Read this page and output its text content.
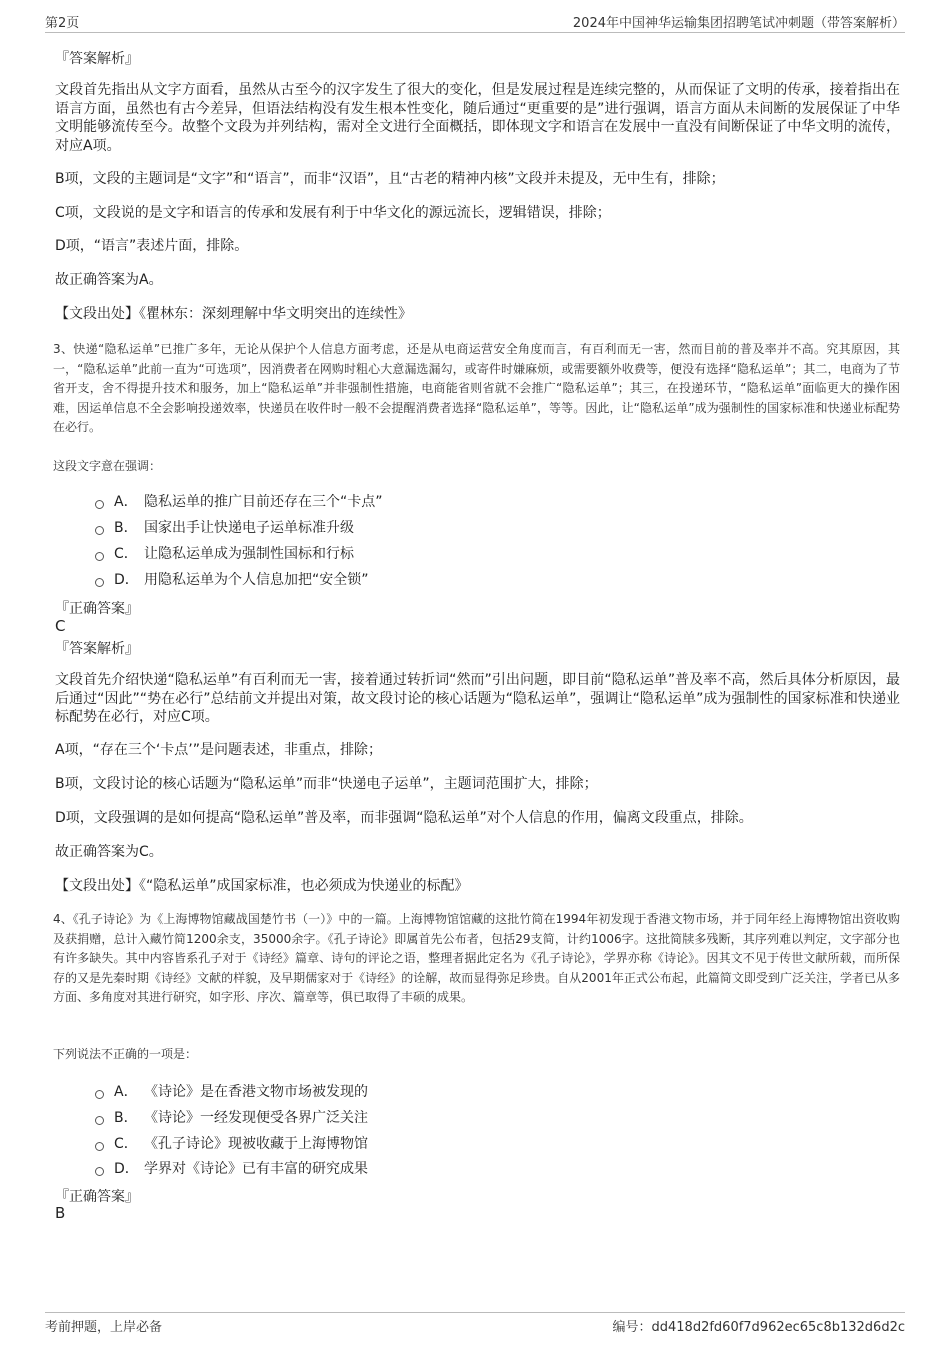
第2页	2024年中国神华运输集团招聘笔试冲刺题（带答案解析）
『答案解析』
文段首先指出从文字方面看，虽然从古至今的汉字发生了很大的变化，但是发展过程是连续完整的，从而保证了文明的传承，接着指出在语言方面，虽然也有古今差异，但语法结构没有发生根本性变化，随后通过“更重要的是”进行强调，语言方面从未间断的发展保证了中华文明能够流传至今。故整个文段为并列结构，需对全文进行全面概括，即体现文字和语言在发展中一直没有间断保证了中华文明的流传，对应A项。
B项，文段的主题词是“文字”和“语言”，而非“汉语”，且“古老的精神内核”文段并未提及，无中生有，排除；
C项，文段说的是文字和语言的传承和发展有利于中华文化的源远流长，逻辑错误，排除；
D项，“语言”表述片面，排除。
故正确答案为A。
【文段出处】《瞿林东：深刻理解中华文明突出的连续性》
3、快递“隐私运单”已推广多年，无论从保护个人信息方面考虑，还是从电商运营安全角度而言，有百利而无一害，然而目前的普及率并不高。究其原因，其一，“隐私运单”此前一直为“可选项”，因消费者在网购时粗心大意漏选漏勾，或寄件时嫌麻烦，或需要额外收费等，便没有选择“隐私运单”；其二，电商为了节省开支，舍不得提升技术和服务，加上“隐私运单”并非强制性措施，电商能省则省就不会推广“隐私运单”；其三，在投递环节，“隐私运单”面临更大的操作困难，因运单信息不全会影响投递效率，快递员在收件时一般不会提醒消费者选择“隐私运单”，等等。因此，让“隐私运单”成为强制性的国家标准和快递业标配势在必行。
这段文字意在强调：
A． 隐私运单的推广目前还存在三个“卡点”
B． 国家出手让快递电子运单标准升级
C． 让隐私运单成为强制性国标和行标
D． 用隐私运单为个人信息加把“安全锁”
『正确答案』
C
『答案解析』
文段首先介绍快递“隐私运单”有百利而无一害，接着通过转折词“然而”引出问题，即目前“隐私运单”普及率不高，然后具体分析原因，最后通过“因此”“势在必行”总结前文并提出对策，故文段讨论的核心话题为“隐私运单”，强调让“隐私运单”成为强制性的国家标准和快递业标配势在必行，对应C项。
A项，“存在三个‘卡点’”是问题表述，非重点，排除；
B项，文段讨论的核心话题为“隐私运单”而非“快递电子运单”，主题词范围扩大，排除；
D项，文段强调的是如何提高“隐私运单”普及率，而非强调“隐私运单”对个人信息的作用，偏离文段重点，排除。
故正确答案为C。
【文段出处】《“隐私运单”成国家标准，也必须成为快递业的标配》
4、《孔子诗论》为《上海博物馆藏战国楚竹书（一）》中的一篇。上海博物馆馆藏的这批竹简在1994年初发现于香港文物市场，并于同年经上海博物馆出资收购及获捐赠，总计入藏竹简1200余支，35000余字。《孔子诗论》即属首先公布者，包括29支简，计约1006字。这批简牍多残断，其序列难以判定，文字部分也有许多缺失。其中内容皆系孔子对于《诗经》篇章、诗句的评论之语，整理者据此定名为《孔子诗论》，学界亦称《诗论》。因其文不见于传世文献所载，而所保存的又是先秦时期《诗经》文献的样貌，及早期儒家对于《诗经》的诠解，故而显得弥足珍贵。自从2001年正式公布起，此篇简文即受到广泛关注，学者已从多方面、多角度对其进行研究，如字形、序次、篇章等，俱已取得了丰硕的成果。
下列说法不正确的一项是：
A． 《诗论》是在香港文物市场被发现的
B． 《诗论》一经发现便受各界广泛关注
C． 《孔子诗论》现被收藏于上海博物馆
D． 学界对《诗论》已有丰富的研究成果
『正确答案』
B
考前押题，上岸必备	编号：dd418d2fd60f7d962ec65c8b132d6d2c
